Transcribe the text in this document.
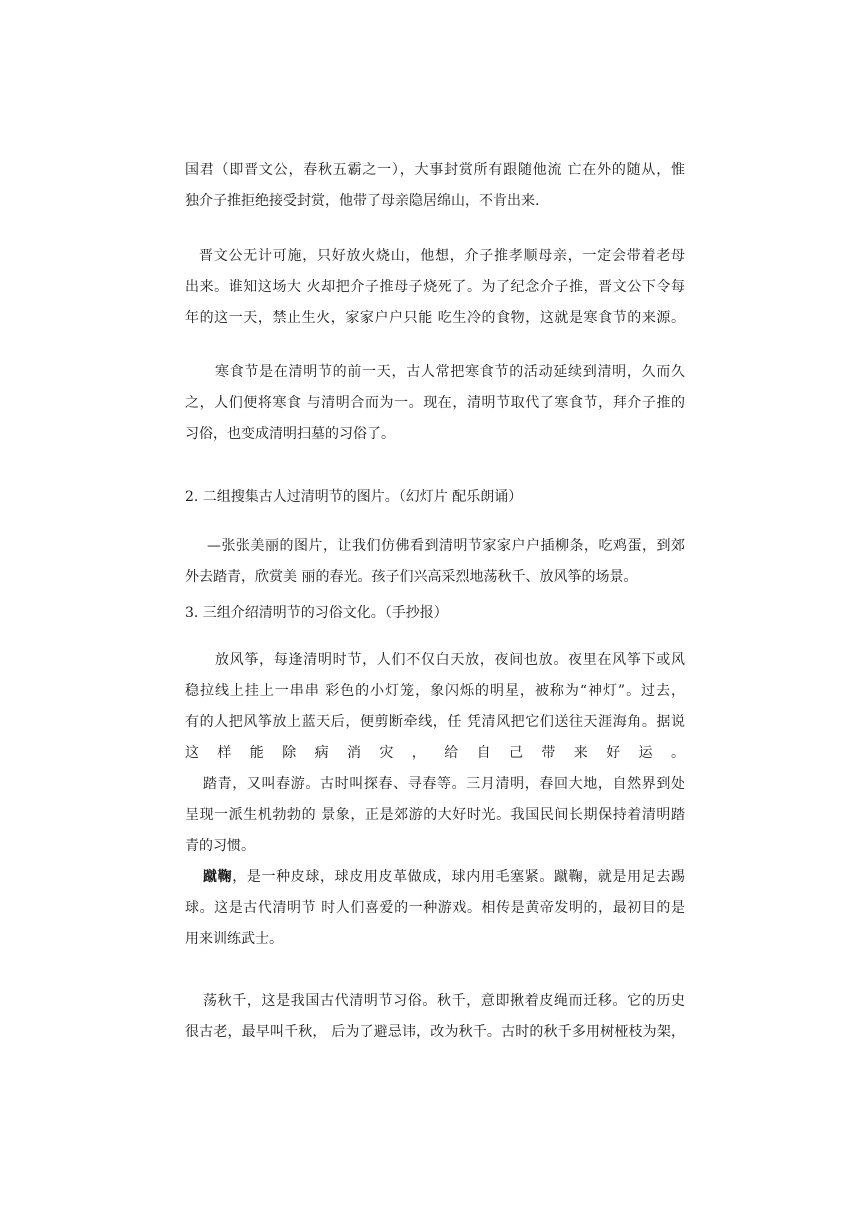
国君（即晋文公，春秋五霸之一），大事封赏所有跟随他流 亡在外的随从，惟
独介子推拒绝接受封赏，他带了母亲隐居绵山，不肯出来.
晋文公无计可施，只好放火烧山，他想，介子推孝顺母亲，一定会带着老母
出来。谁知这场大 火却把介子推母子烧死了。为了纪念介子推，晋文公下令每
年的这一天，禁止生火，家家户户只能 吃生冷的食物，这就是寒食节的来源。
寒食节是在清明节的前一天，古人常把寒食节的活动延续到清明，久而久
之，人们便将寒食 与清明合而为一。现在，清明节取代了寒食节，拜介子推的
习俗，也变成清明扫墓的习俗了。
2. 二组搜集古人过清明节的图片。（幻灯片 配乐朗诵）
—张张美丽的图片，让我们仿佛看到清明节家家户户插柳条，吃鸡蛋，到郊
外去踏青，欣赏美 丽的春光。孩子们兴高采烈地荡秋千、放风筝的场景。
3. 三组介绍清明节的习俗文化。（手抄报）
放风筝，每逢清明时节，人们不仅白天放，夜间也放。夜里在风筝下或风
稳拉线上挂上一串串 彩色的小灯笼，象闪烁的明星，被称为“神灯”。过去，
有的人把风筝放上蓝天后，便剪断牵线，任 凭清风把它们送往天涯海角。据说
这样能除病消灾，给自己带来好运。
踏青，又叫春游。古时叫探春、寻春等。三月清明，春回大地，自然界到处
呈现一派生机勃勃的 景象，正是郊游的大好时光。我国民间长期保持着清明踏
青的习惯。
蹴鞠，是一种皮球，球皮用皮革做成，球内用毛塞紧。蹴鞠，就是用足去踢
球。这是古代清明节 时人们喜爱的一种游戏。相传是黄帝发明的，最初目的是
用来训练武士。
荡秋千，这是我国古代清明节习俗。秋千，意即揪着皮绳而迁移。它的历史
很古老，最早叫千秋， 后为了避忌讳，改为秋千。古时的秋千多用树桠枝为架，
